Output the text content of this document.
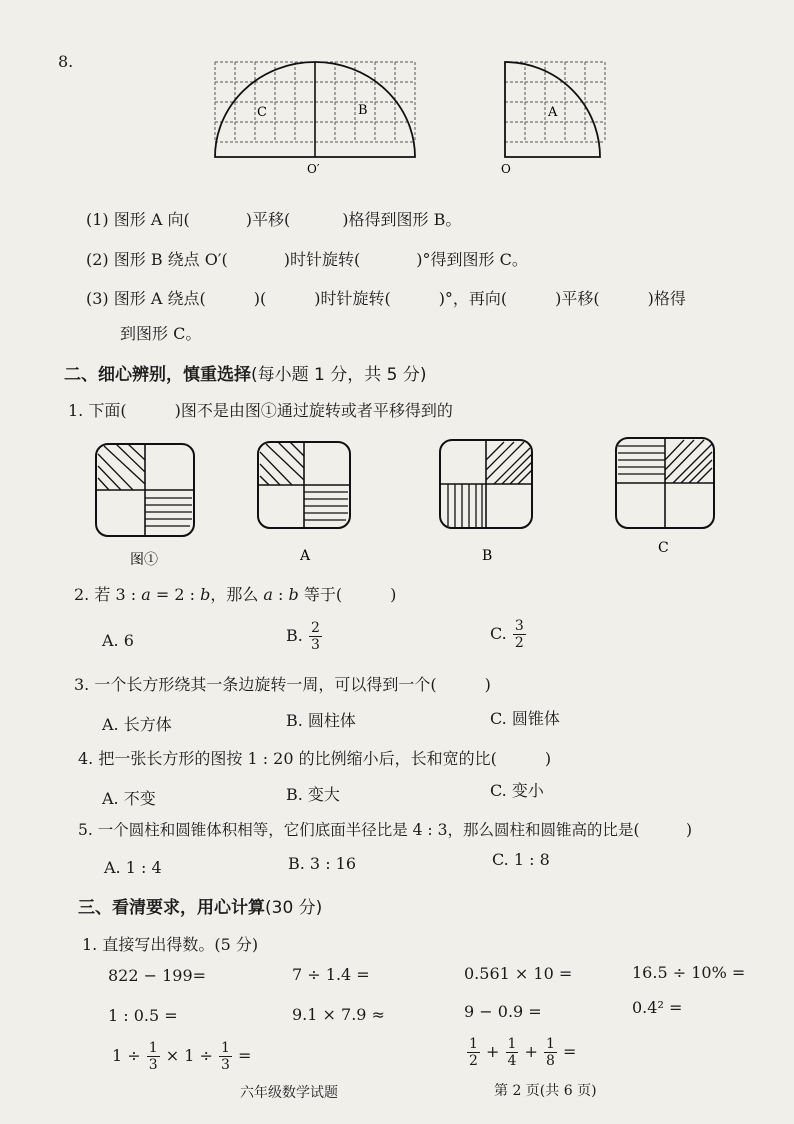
8.
C	B	A
O′	O
(1) 图形 A 向(	)平移(	)格得到图形 B。
(2) 图形 B 绕点 O′(	)时针旋转(	)°得到图形 C。
(3) 图形 A 绕点(　　　)(　　　)时针旋转(　　　)°，再向(　　　)平移(　　　)格得
到图形 C。
二、细心辨别，慎重选择(每小题 1 分，共 5 分)
1. 下面(　　　)图不是由图①通过旋转或者平移得到的
图①	A	B	C
2. 若 3 : a = 2 : b，那么 a : b 等于(　　　)
A. 6	B. $\frac{2}{3}$	C. $\frac{3}{2}$
3. 一个长方形绕其一条边旋转一周，可以得到一个(　　　)
A. 长方体	B. 圆柱体	C. 圆锥体
4. 把一张长方形的图按 1 : 20 的比例缩小后，长和宽的比(　　　)
A. 不变	B. 变大	C. 变小
5. 一个圆柱和圆锥体积相等，它们底面半径比是 4 : 3，那么圆柱和圆锥高的比是(　　　)
A. 1 : 4	B. 3 : 16	C. 1 : 8
三、看清要求，用心计算(30 分)
1. 直接写出得数。(5 分)
822 − 199=	7 ÷ 1.4 =	0.561 × 10 =	16.5 ÷ 10% =
1 : 0.5 =	9.1 × 7.9 ≈	9 − 0.9 =	0.4² =
$1 \div \frac{1}{3} \times 1 \div \frac{1}{3}$ =	$\frac{1}{2} + \frac{1}{4} + \frac{1}{8}$ =
六年级数学试题	第 2 页(共 6 页)
